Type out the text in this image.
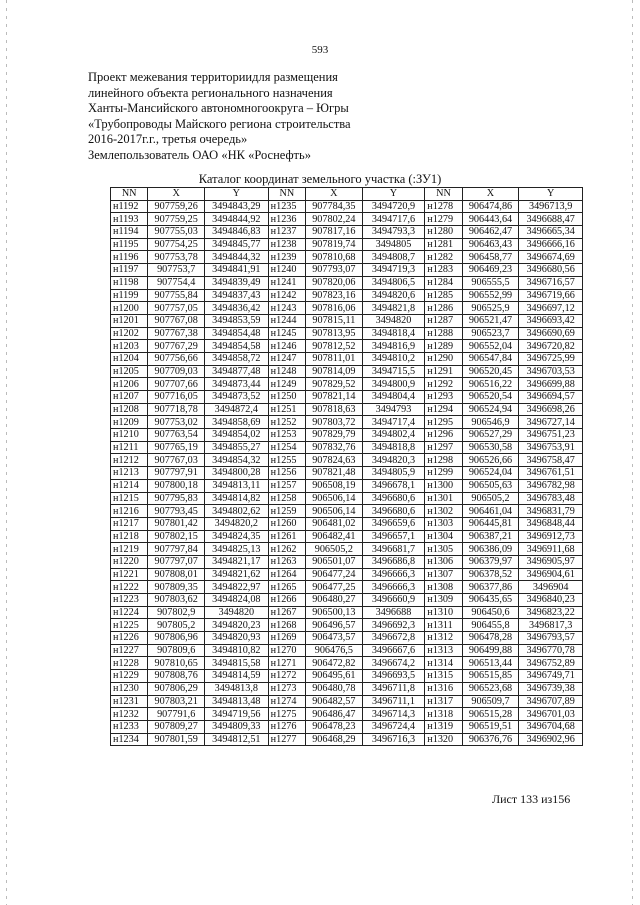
593
Проект межевания территориидля размещения
линейного объекта регионального назначения
Ханты-Мансийского автономногоокруга – Югры
«Трубопроводы Майского региона строительства
2016-2017г.г., третья очередь»
Землепользователь ОАО «НК «Роснефть»
Каталог координат земельного участка (:ЗУ1)
NN	X	Y	NN	X	Y	NN	X	Y
н1192	907759,26	3494843,29	н1235	907784,35	3494720,9	н1278	906474,86	3496713,9
н1193	907759,25	3494844,92	н1236	907802,24	3494717,6	н1279	906443,64	3496688,47
н1194	907755,03	3494846,83	н1237	907817,16	3494793,3	н1280	906462,47	3496665,34
н1195	907754,25	3494845,77	н1238	907819,74	3494805	н1281	906463,43	3496666,16
н1196	907753,78	3494844,32	н1239	907810,68	3494808,7	н1282	906458,77	3496674,69
н1197	907753,7	3494841,91	н1240	907793,07	3494719,3	н1283	906469,23	3496680,56
н1198	907754,4	3494839,49	н1241	907820,06	3494806,5	н1284	906555,5	3496716,57
н1199	907755,84	3494837,43	н1242	907823,16	3494820,6	н1285	906552,99	3496719,66
н1200	907757,05	3494836,42	н1243	907816,06	3494821,8	н1286	906525,9	3496697,12
н1201	907767,08	3494853,59	н1244	907815,11	3494820	н1287	906521,47	3496693,42
н1202	907767,38	3494854,48	н1245	907813,95	3494818,4	н1288	906523,7	3496690,69
н1203	907767,29	3494854,58	н1246	907812,52	3494816,9	н1289	906552,04	3496720,82
н1204	907756,66	3494858,72	н1247	907811,01	3494810,2	н1290	906547,84	3496725,99
н1205	907709,03	3494877,48	н1248	907814,09	3494715,5	н1291	906520,45	3496703,53
н1206	907707,66	3494873,44	н1249	907829,52	3494800,9	н1292	906516,22	3496699,88
н1207	907716,05	3494873,52	н1250	907821,14	3494804,4	н1293	906520,54	3496694,57
н1208	907718,78	3494872,4	н1251	907818,63	3494793	н1294	906524,94	3496698,26
н1209	907753,02	3494858,69	н1252	907803,72	3494717,4	н1295	906546,9	3496727,14
н1210	907763,54	3494854,02	н1253	907829,79	3494802,4	н1296	906527,29	3496751,23
н1211	907765,19	3494855,27	н1254	907832,76	3494818,8	н1297	906530,58	3496753,91
н1212	907767,03	3494854,32	н1255	907824,63	3494820,3	н1298	906526,66	3496758,47
н1213	907797,91	3494800,28	н1256	907821,48	3494805,9	н1299	906524,04	3496761,51
н1214	907800,18	3494813,11	н1257	906508,19	3496678,1	н1300	906505,63	3496782,98
н1215	907795,83	3494814,82	н1258	906506,14	3496680,6	н1301	906505,2	3496783,48
н1216	907793,45	3494802,62	н1259	906506,14	3496680,6	н1302	906461,04	3496831,79
н1217	907801,42	3494820,2	н1260	906481,02	3496659,6	н1303	906445,81	3496848,44
н1218	907802,15	3494824,35	н1261	906482,41	3496657,1	н1304	906387,21	3496912,73
н1219	907797,84	3494825,13	н1262	906505,2	3496681,7	н1305	906386,09	3496911,68
н1220	907797,07	3494821,17	н1263	906501,07	3496686,8	н1306	906379,97	3496905,97
н1221	907808,01	3494821,62	н1264	906477,24	3496666,3	н1307	906378,52	3496904,61
н1222	907809,35	3494822,97	н1265	906477,25	3496666,3	н1308	906377,86	3496904
н1223	907803,62	3494824,08	н1266	906480,27	3496660,9	н1309	906435,65	3496840,23
н1224	907802,9	3494820	н1267	906500,13	3496688	н1310	906450,6	3496823,22
н1225	907805,2	3494820,23	н1268	906496,57	3496692,3	н1311	906455,8	3496817,3
н1226	907806,96	3494820,93	н1269	906473,57	3496672,8	н1312	906478,28	3496793,57
н1227	907809,6	3494810,82	н1270	906476,5	3496667,6	н1313	906499,88	3496770,78
н1228	907810,65	3494815,58	н1271	906472,82	3496674,2	н1314	906513,44	3496752,89
н1229	907808,76	3494814,59	н1272	906495,61	3496693,5	н1315	906515,85	3496749,71
н1230	907806,29	3494813,8	н1273	906480,78	3496711,8	н1316	906523,68	3496739,38
н1231	907803,21	3494813,48	н1274	906482,57	3496711,1	н1317	906509,7	3496707,89
н1232	907791,6	3494719,56	н1275	906486,47	3496714,3	н1318	906515,28	3496701,03
н1233	907809,27	3494809,33	н1276	906478,23	3496724,4	н1319	906519,51	3496704,68
н1234	907801,59	3494812,51	н1277	906468,29	3496716,3	н1320	906376,76	3496902,96
Лист 133 из156
